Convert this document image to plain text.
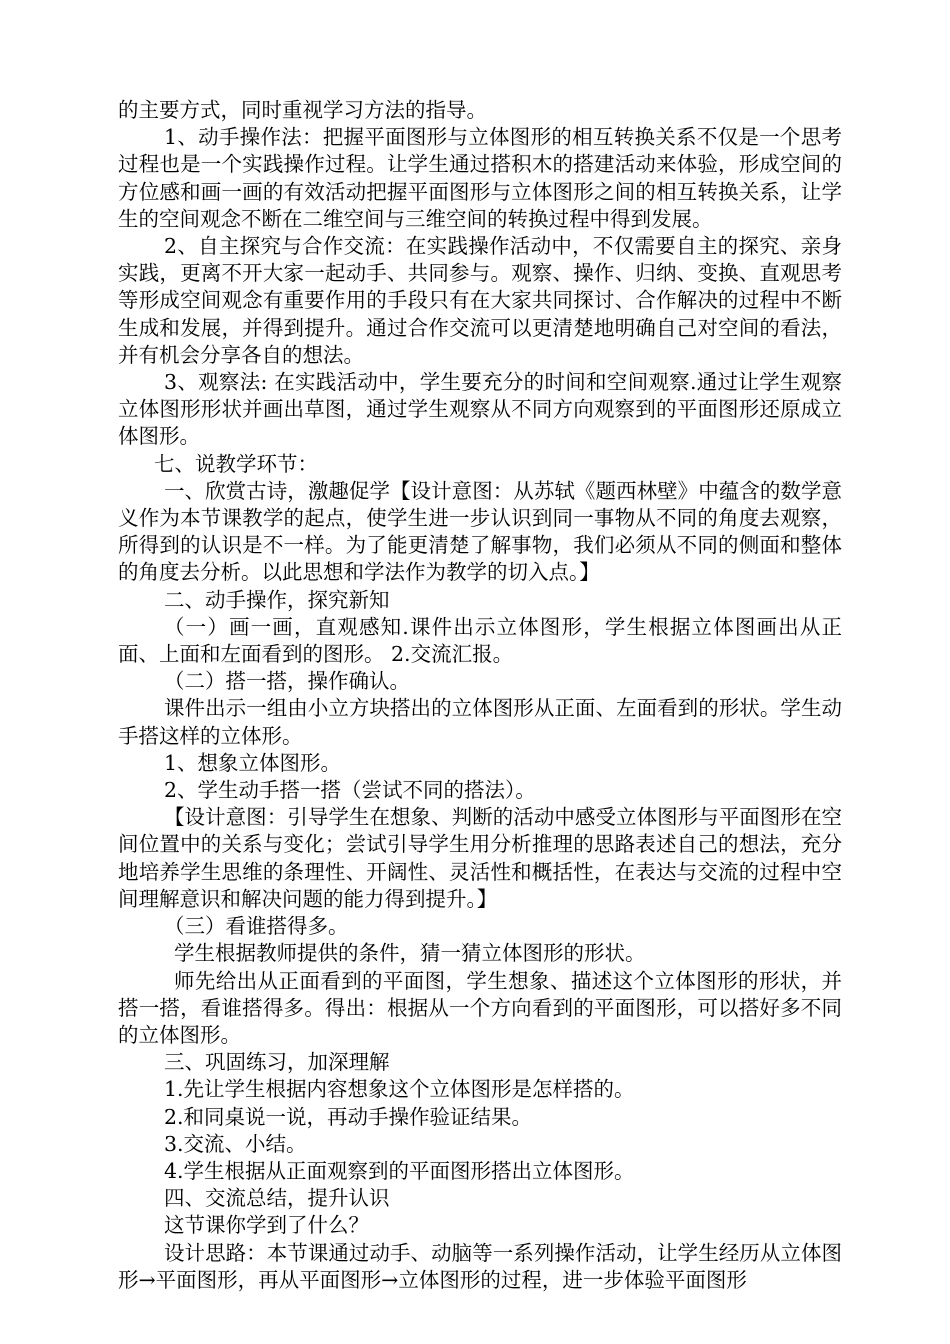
的主要方式，同时重视学习方法的指导。

1、动手操作法：把握平面图形与立体图形的相互转换关系不仅是一个思考过程也是一个实践操作过程。让学生通过搭积木的搭建活动来体验，形成空间的方位感和画一画的有效活动把握平面图形与立体图形之间的相互转换关系，让学生的空间观念不断在二维空间与三维空间的转换过程中得到发展。

2、自主探究与合作交流：在实践操作活动中，不仅需要自主的探究、亲身实践，更离不开大家一起动手、共同参与。观察、操作、归纳、变换、直观思考等形成空间观念有重要作用的手段只有在大家共同探讨、合作解决的过程中不断生成和发展，并得到提升。通过合作交流可以更清楚地明确自己对空间的看法，并有机会分享各自的想法。

3、观察法: 在实践活动中，学生要充分的时间和空间观察.通过让学生观察立体图形形状并画出草图，通过学生观察从不同方向观察到的平面图形还原成立体图形。

七、说教学环节：

一、欣赏古诗，激趣促学【设计意图：从苏轼《题西林壁》中蕴含的数学意义作为本节课教学的起点，使学生进一步认识到同一事物从不同的角度去观察，所得到的认识是不一样。为了能更清楚了解事物，我们必须从不同的侧面和整体的角度去分析。以此思想和学法作为教学的切入点。】

二、动手操作，探究新知

（一）画一画，直观感知.课件出示立体图形，学生根据立体图画出从正面、上面和左面看到的图形。 2.交流汇报。

（二）搭一搭，操作确认。

课件出示一组由小立方块搭出的立体图形从正面、左面看到的形状。学生动手搭这样的立体形。

1、想象立体图形。

2、学生动手搭一搭（尝试不同的搭法）。

【设计意图：引导学生在想象、判断的活动中感受立体图形与平面图形在空间位置中的关系与变化；尝试引导学生用分析推理的思路表述自己的想法，充分地培养学生思维的条理性、开阔性、灵活性和概括性，在表达与交流的过程中空间理解意识和解决问题的能力得到提升。】

（三）看谁搭得多。

学生根据教师提供的条件，猜一猜立体图形的形状。

师先给出从正面看到的平面图，学生想象、描述这个立体图形的形状，并搭一搭，看谁搭得多。得出：根据从一个方向看到的平面图形，可以搭好多不同的立体图形。

三、巩固练习，加深理解

1.先让学生根据内容想象这个立体图形是怎样搭的。

2.和同桌说一说，再动手操作验证结果。

3.交流、小结。

4.学生根据从正面观察到的平面图形搭出立体图形。

四、交流总结，提升认识

这节课你学到了什么？

设计思路：本节课通过动手、动脑等一系列操作活动，让学生经历从立体图形→平面图形，再从平面图形→立体图形的过程，进一步体验平面图形
